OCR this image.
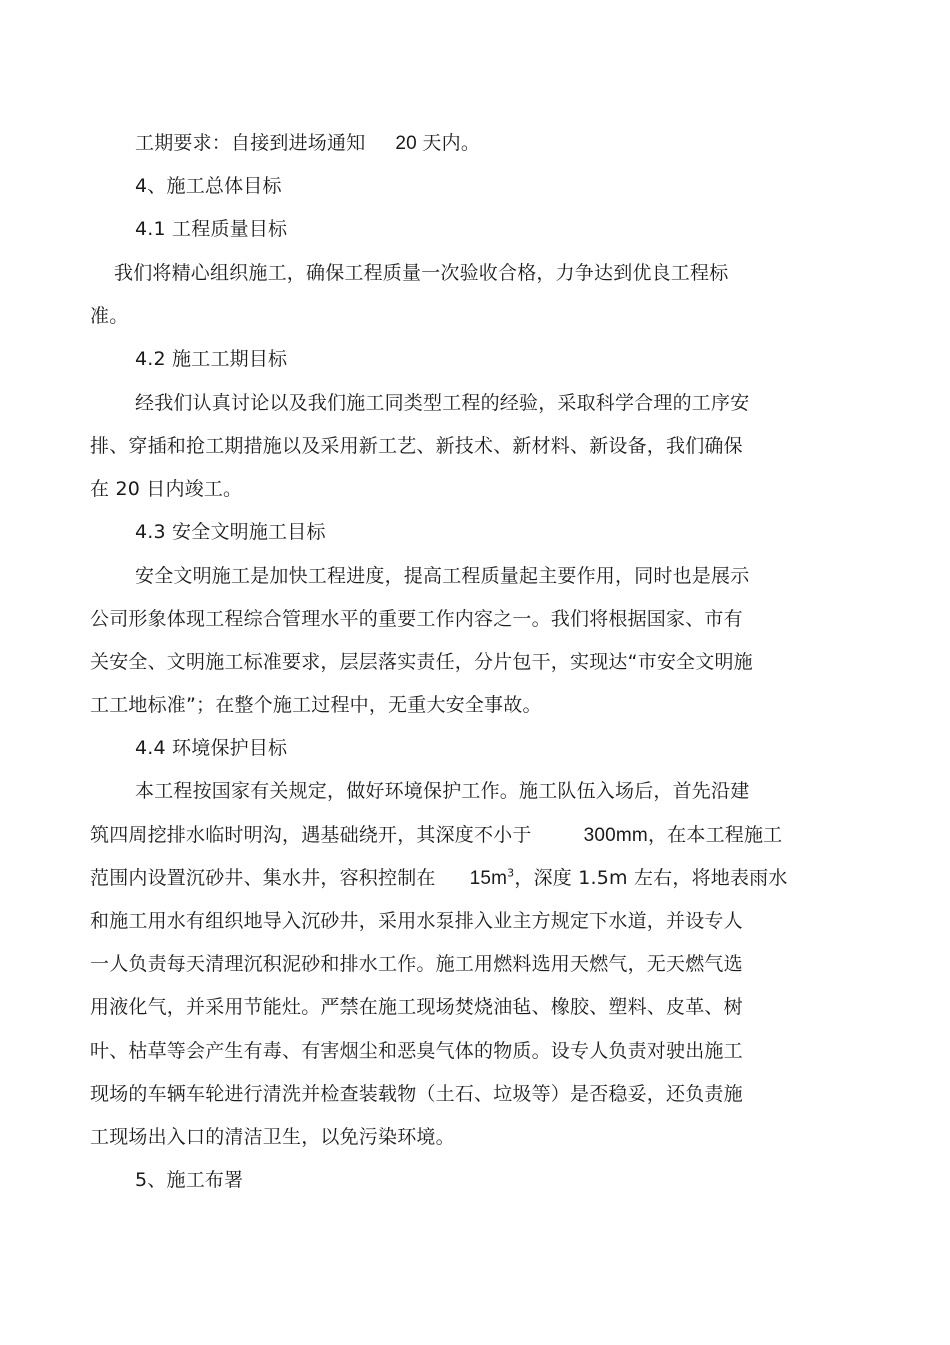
工期要求：自接到进场通知 20 天内。
4、施工总体目标
4.1 工程质量目标
我们将精心组织施工，确保工程质量一次验收合格，力争达到优良工程标
准。
4.2 施工工期目标
经我们认真讨论以及我们施工同类型工程的经验，采取科学合理的工序安
排、穿插和抢工期措施以及采用新工艺、新技术、新材料、新设备，我们确保
在 20 日内竣工。
4.3 安全文明施工目标
安全文明施工是加快工程进度，提高工程质量起主要作用，同时也是展示
公司形象体现工程综合管理水平的重要工作内容之一。我们将根据国家、市有
关安全、文明施工标准要求，层层落实责任，分片包干，实现达“市安全文明施
工工地标准”；在整个施工过程中，无重大安全事故。
4.4 环境保护目标
本工程按国家有关规定，做好环境保护工作。施工队伍入场后，首先沿建
筑四周挖排水临时明沟，遇基础绕开，其深度不小于	300mm，在本工程施工
范围内设置沉砂井、集水井，容积控制在 $15m^3$，深度 1.5m 左右，将地表雨水
和施工用水有组织地导入沉砂井，采用水泵排入业主方规定下水道，并设专人
一人负责每天清理沉积泥砂和排水工作。施工用燃料选用天燃气，无天燃气选
用液化气，并采用节能灶。严禁在施工现场焚烧油毡、橡胶、塑料、皮革、树
叶、枯草等会产生有毒、有害烟尘和恶臭气体的物质。设专人负责对驶出施工
现场的车辆车轮进行清洗并检查装载物（土石、垃圾等）是否稳妥，还负责施
工现场出入口的清洁卫生，以免污染环境。
5、施工布署
